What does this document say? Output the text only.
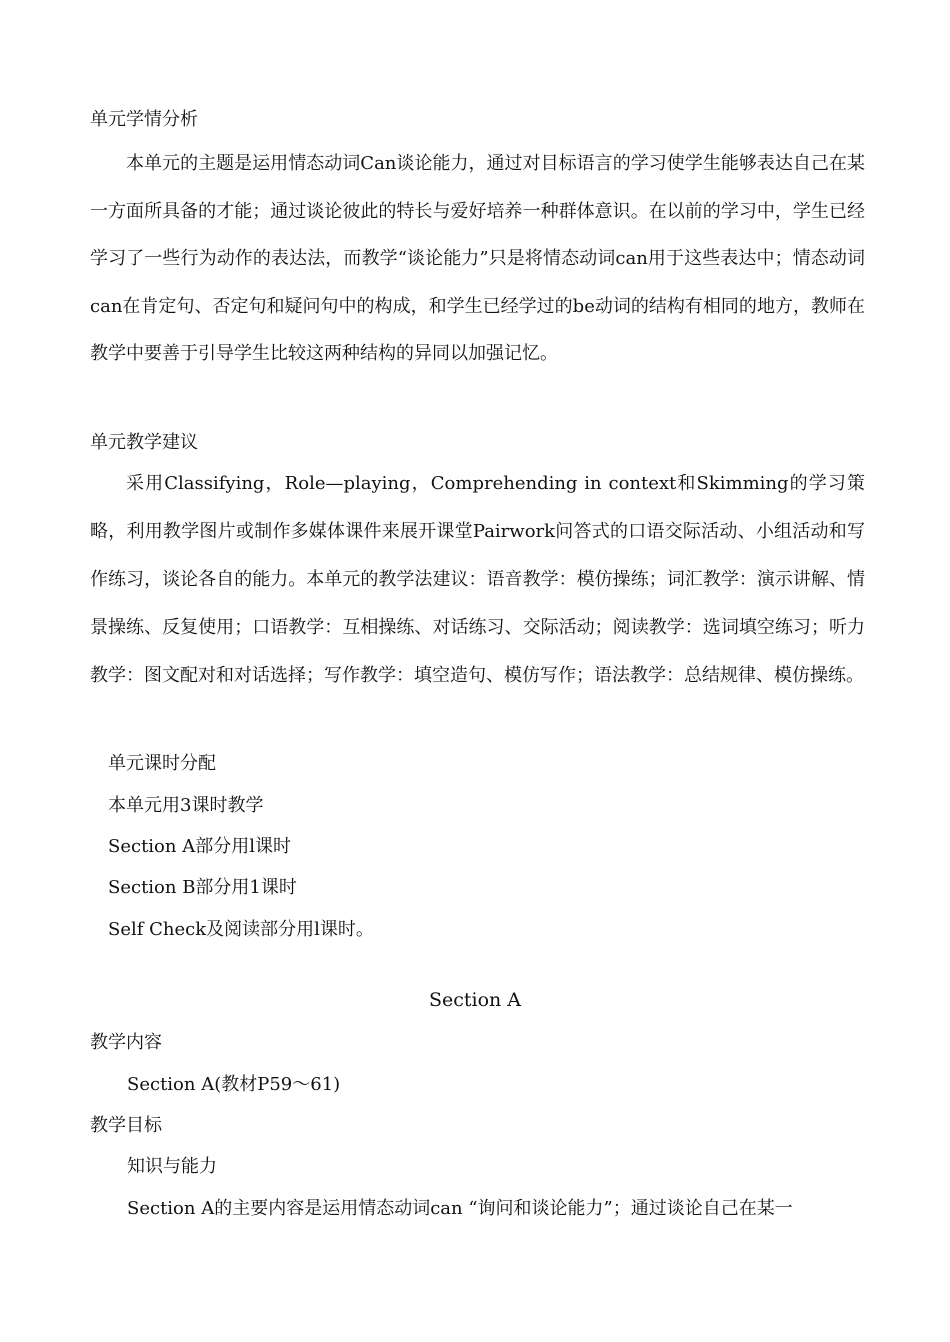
单元学情分析
本单元的主题是运用情态动词Can谈论能力，通过对目标语言的学习使学生能够表达自己在某一方面所具备的才能；通过谈论彼此的特长与爱好培养一种群体意识。在以前的学习中，学生已经学习了一些行为动作的表达法，而教学“谈论能力”只是将情态动词can用于这些表达中；情态动词can在肯定句、否定句和疑问句中的构成，和学生已经学过的be动词的结构有相同的地方，教师在教学中要善于引导学生比较这两种结构的异同以加强记忆。
单元教学建议
采用Classifying，Role—playing，Comprehending in context和Skimming的学习策略，利用教学图片或制作多媒体课件来展开课堂Pairwork问答式的口语交际活动、小组活动和写作练习，谈论各自的能力。本单元的教学法建议：语音教学：模仿操练；词汇教学：演示讲解、情景操练、反复使用；口语教学：互相操练、对话练习、交际活动；阅读教学：选词填空练习；听力教学：图文配对和对话选择；写作教学：填空造句、模仿写作；语法教学：总结规律、模仿操练。
单元课时分配
本单元用3课时教学
Section A部分用l课时
Section B部分用1课时
Self Check及阅读部分用l课时。
Section A
教学内容
Section A(教材P59～61)
教学目标
知识与能力
Section A的主要内容是运用情态动词can “询问和谈论能力”；通过谈论自己在某一
